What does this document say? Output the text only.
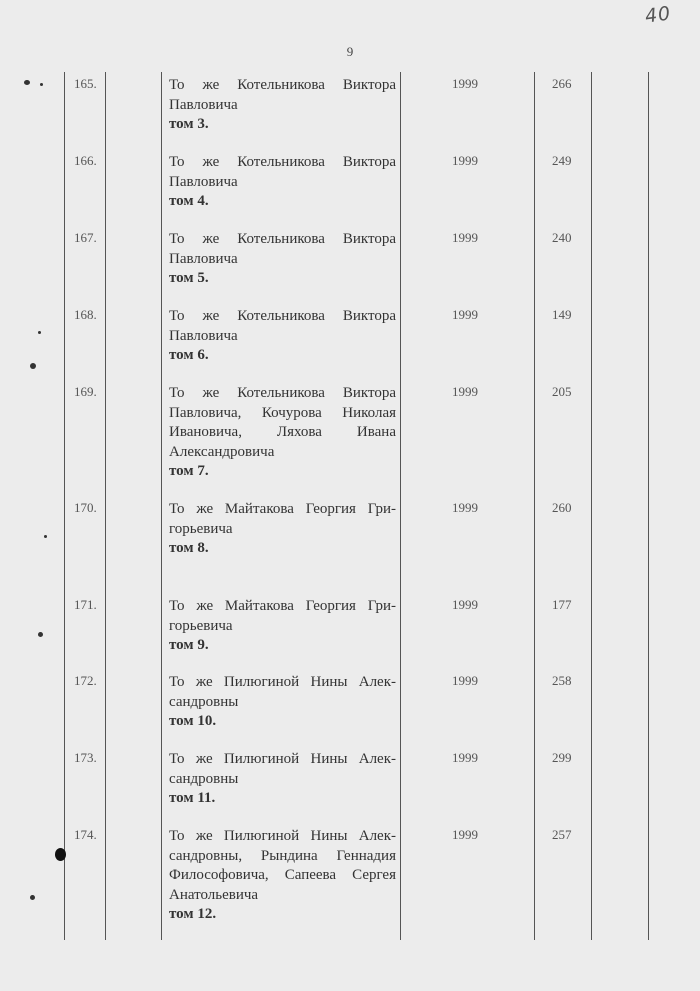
40
9
165.	То же Котельникова Виктора
Павловича
том 3.
1999	266
166.	То же Котельникова Виктора
Павловича
том 4.
1999	249
167.	То же Котельникова Виктора
Павловича
том 5.
1999	240
168.	То же Котельникова Виктора
Павловича
том 6.
1999	149
169.	То же Котельникова Виктора
Павловича, Кочурова Николая
Ивановича, Ляхова Ивана
Александровича
том 7.
1999	205
170.	То же Майтакова Георгия Гри-
горьевича
том 8.
1999	260
171.	То же Майтакова Георгия Гри-
горьевича
том 9.
1999	177
172.	То же Пилюгиной Нины Алек-
сандровны
том 10.
1999	258
173.	То же Пилюгиной Нины Алек-
сандровны
том 11.
1999	299
174.	То же Пилюгиной Нины Алек-
сандровны, Рындина Геннадия
Философовича, Сапеева Сергея
Анатольевича
том 12.
1999	257
